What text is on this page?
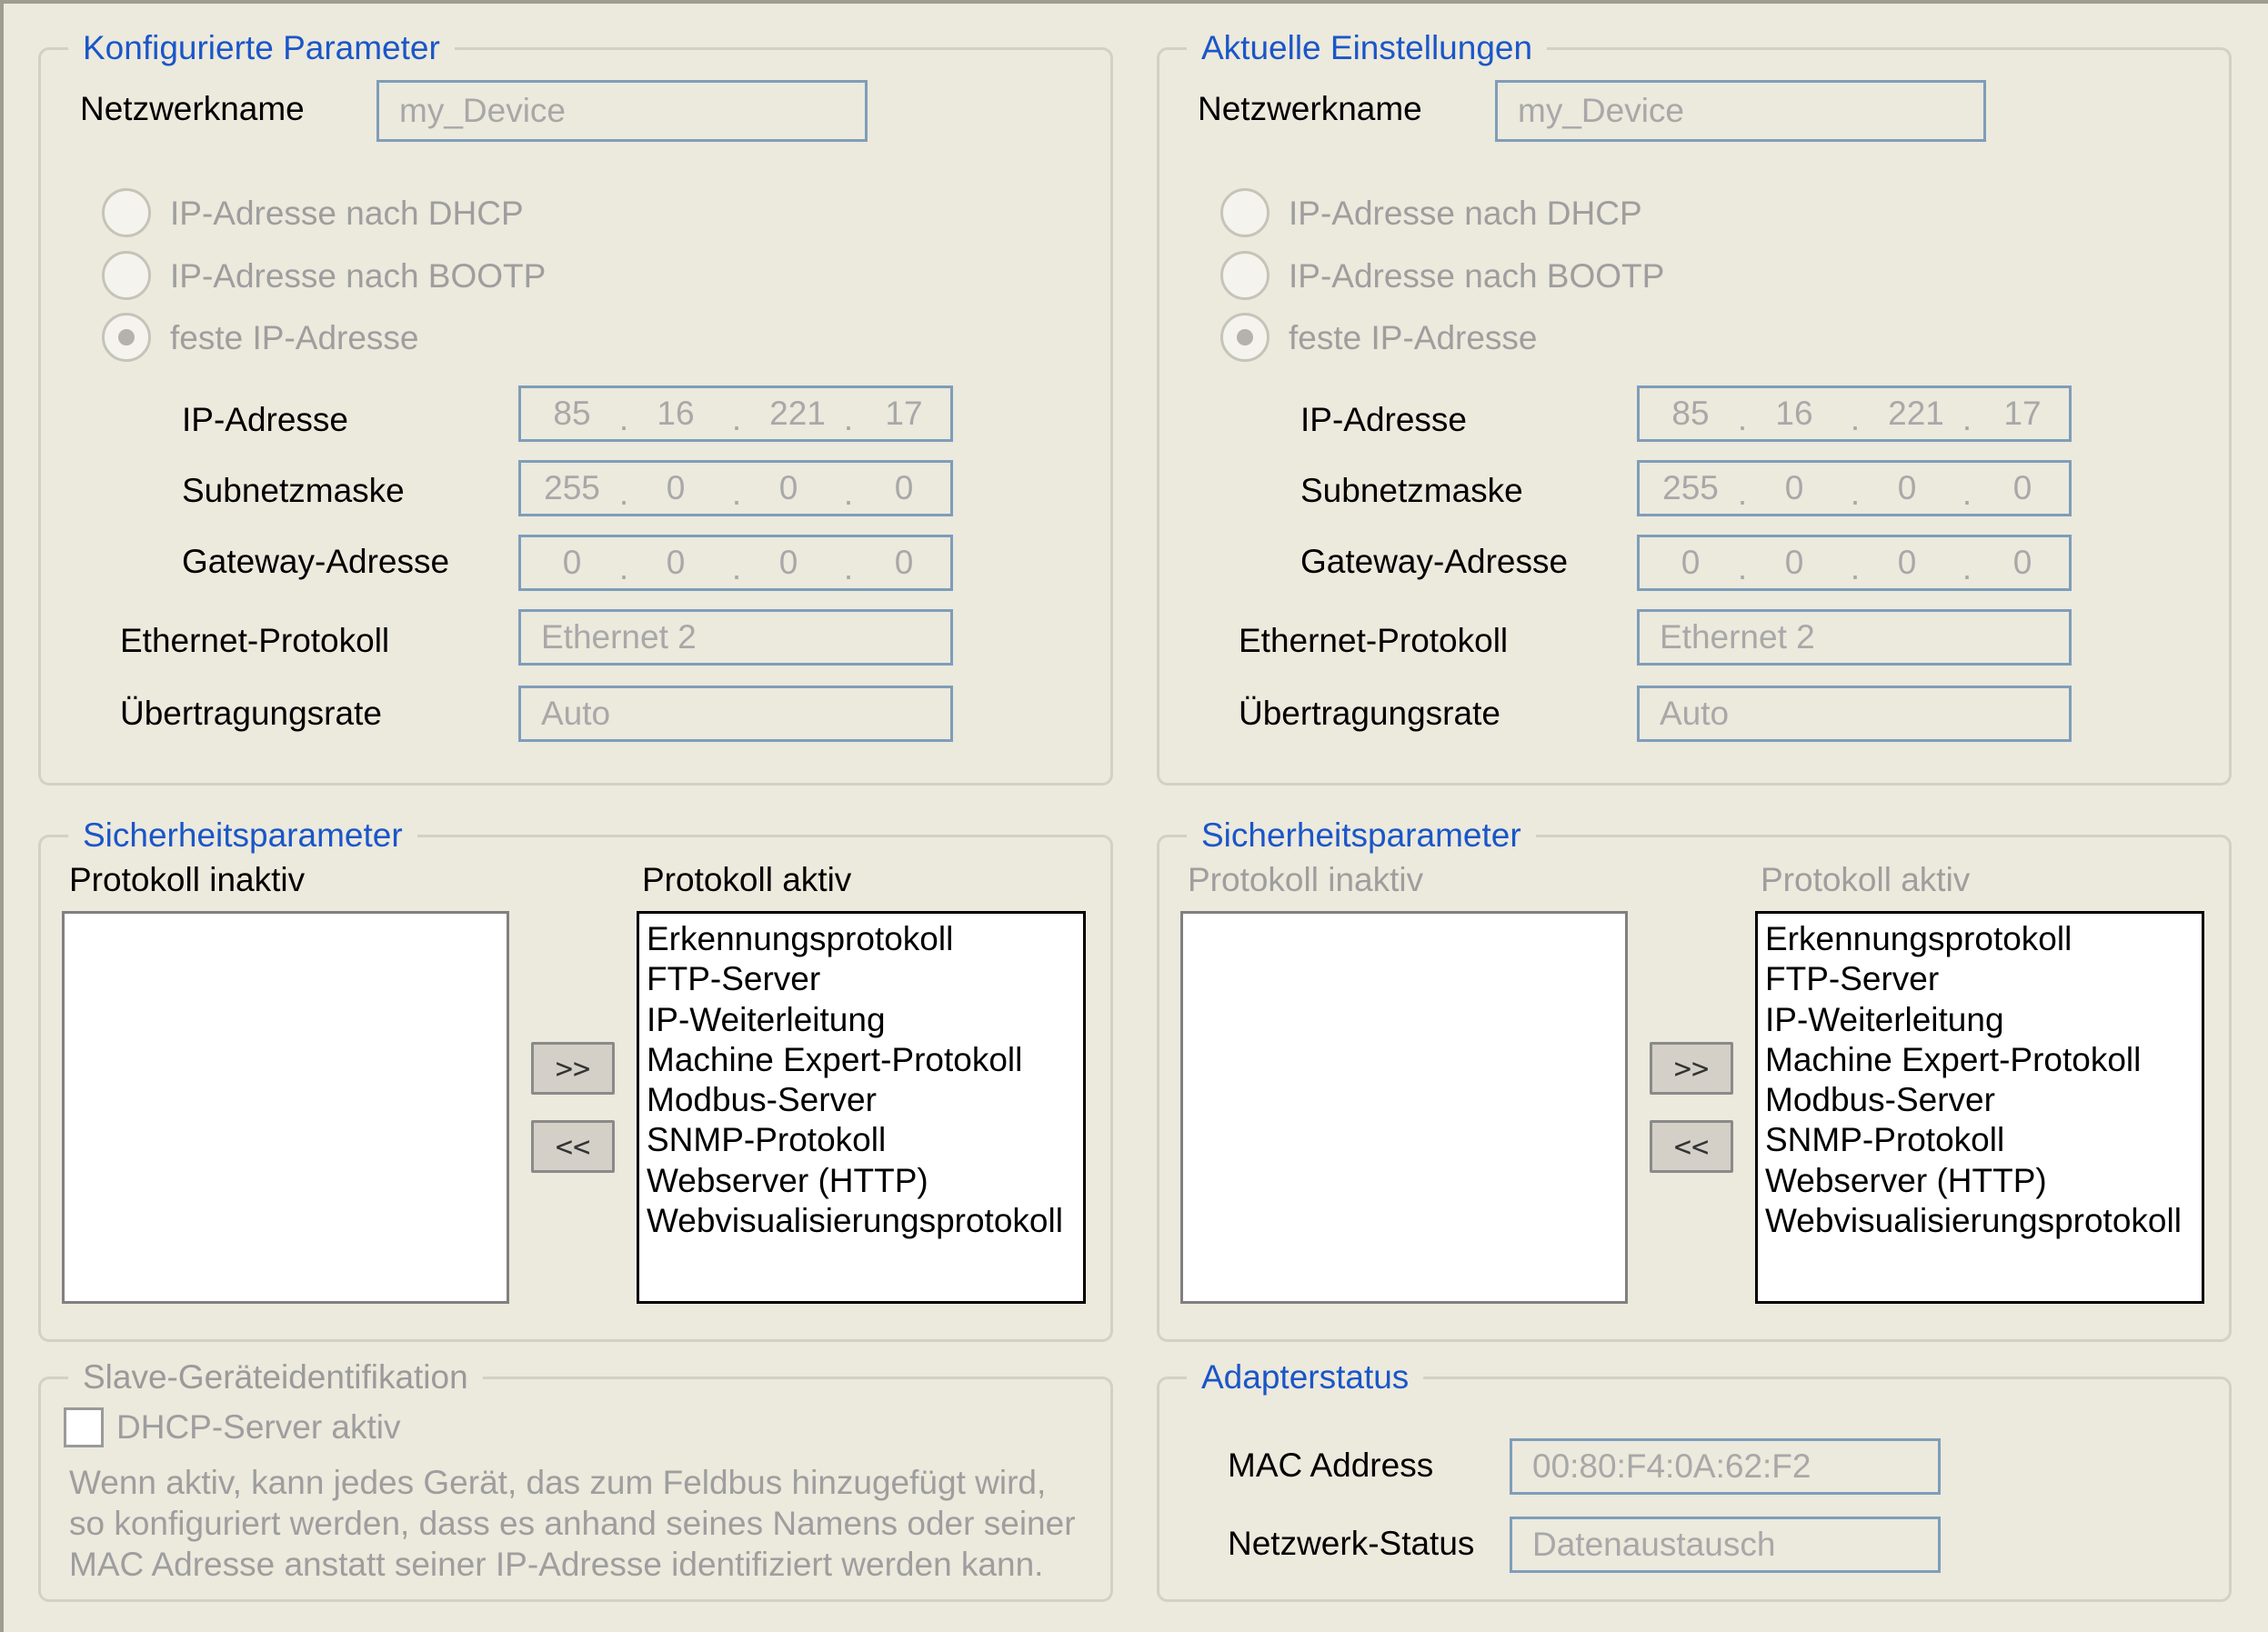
Konfigurierte Parameter
Netzwerkname	my_Device
IP-Adresse nach DHCP
IP-Adresse nach BOOTP
feste IP-Adresse
IP-Adresse	85 . 16 . 221 . 17
Subnetzmaske	255 . 0 . 0 . 0
Gateway-Adresse	0 . 0 . 0 . 0
Ethernet-Protokoll	Ethernet 2
Übertragungsrate	Auto
Aktuelle Einstellungen
Netzwerkname	my_Device
IP-Adresse nach DHCP
IP-Adresse nach BOOTP
feste IP-Adresse
IP-Adresse	85 . 16 . 221 . 17
Subnetzmaske	255 . 0 . 0 . 0
Gateway-Adresse	0 . 0 . 0 . 0
Ethernet-Protokoll	Ethernet 2
Übertragungsrate	Auto
Sicherheitsparameter
Protokoll inaktiv	Protokoll aktiv
>>
<<
Erkennungsprotokoll
FTP-Server
IP-Weiterleitung
Machine Expert-Protokoll
Modbus-Server
SNMP-Protokoll
Webserver (HTTP)
Webvisualisierungsprotokoll
Sicherheitsparameter
Protokoll inaktiv	Protokoll aktiv
>>
<<
Erkennungsprotokoll
FTP-Server
IP-Weiterleitung
Machine Expert-Protokoll
Modbus-Server
SNMP-Protokoll
Webserver (HTTP)
Webvisualisierungsprotokoll
Slave-Geräteidentifikation
DHCP-Server aktiv
Wenn aktiv, kann jedes Gerät, das zum Feldbus hinzugefügt wird,
so konfiguriert werden, dass es anhand seines Namens oder seiner
MAC Adresse anstatt seiner IP-Adresse identifiziert werden kann.
Adapterstatus
MAC Address	00:80:F4:0A:62:F2
Netzwerk-Status	Datenaustausch
